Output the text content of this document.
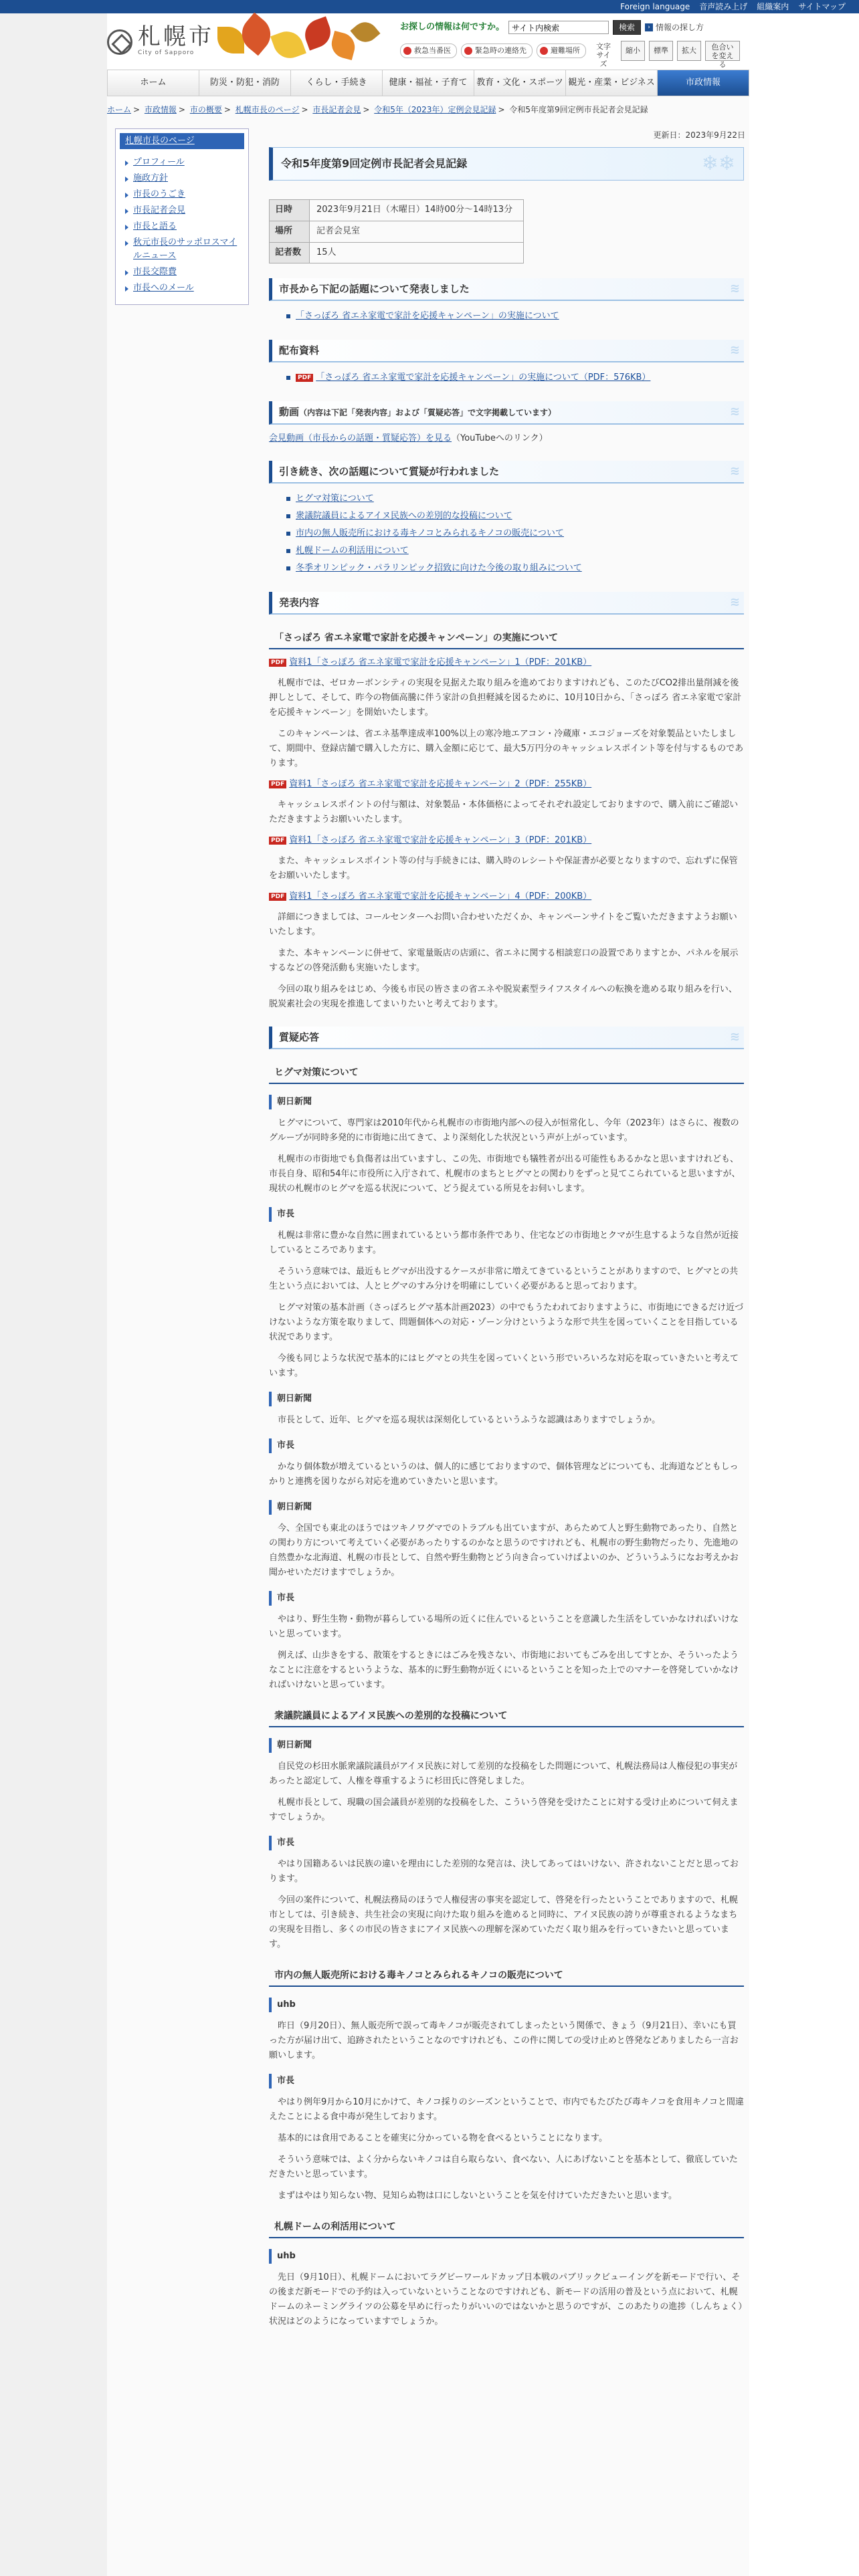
Foreign language 音声読み上げ 組織案内 サイトマップ
札幌市
City of Sapporo
お探しの情報は何ですか。
サイト内検索	検索	› 情報の探し方
救急当番医	緊急時の連絡先	避難場所	文字サイズ
縮小	標準	拡大	色合いを変える
ホーム	防災・防犯・消防	くらし・手続き	健康・福祉・子育て	教育・文化・スポーツ 観光・産業・ビジネス	市政情報
ホーム > 市政情報 > 市の概要 > 札幌市長のページ > 市長記者会見 > 令和5年（2023年）定例会見記録 > 令和5年度第9回定例市長記者会見記録
更新日：2023年9月22日
札幌市長のページ
プロフィール
施政方針
市長のうごき
市長記者会見
市長と語る
秋元市長のサッポロスマイルニュース
市長交際費
市長へのメール
令和5年度第9回定例市長記者会見記録	❄❄
日時	2023年9月21日（木曜日）14時00分～14時13分
場所	記者会見室
記者数	15人
市長から下記の話題について発表しました	≋
「さっぽろ 省エネ家電で家計を応援キャンペーン」の実施について
配布資料	≋
PDF 「さっぽろ 省エネ家電で家計を応援キャンペーン」の実施について（PDF：576KB）
動画（内容は下記「発表内容」および「質疑応答」で文字掲載しています）	≋

会見動画（市長からの話題・質疑応答）を見る（YouTubeへのリンク）

引き続き、次の話題について質疑が行われました	≋
ヒグマ対策について
衆議院議員によるアイヌ民族への差別的な投稿について
市内の無人販売所における毒キノコとみられるキノコの販売について
札幌ドームの利活用について
冬季オリンピック・パラリンピック招致に向けた今後の取り組みについて
発表内容	≋
「さっぽろ 省エネ家電で家計を応援キャンペーン」の実施について
PDF 資料1「さっぽろ 省エネ家電で家計を応援キャンペーン」1（PDF：201KB）

札幌市では、ゼロカーボンシティの実現を見据えた取り組みを進めておりますけれども、このたびCO2排出量削減を後押しとして、そして、昨今の物価高騰に伴う家計の負担軽減を図るために、10月10日から、「さっぽろ 省エネ家電で家計を応援キャンペーン」を開始いたします。

このキャンペーンは、省エネ基準達成率100%以上の寒冷地エアコン・冷蔵庫・エコジョーズを対象製品といたしまして、期間中、登録店舗で購入した方に、購入金額に応じて、最大5万円分のキャッシュレスポイント等を付与するものであります。

PDF 資料1「さっぽろ 省エネ家電で家計を応援キャンペーン」2（PDF：255KB）

キャッシュレスポイントの付与額は、対象製品・本体価格によってそれぞれ設定しておりますので、購入前にご確認いただきますようお願いいたします。

PDF 資料1「さっぽろ 省エネ家電で家計を応援キャンペーン」3（PDF：201KB）

また、キャッシュレスポイント等の付与手続きには、購入時のレシートや保証書が必要となりますので、忘れずに保管をお願いいたします。

PDF 資料1「さっぽろ 省エネ家電で家計を応援キャンペーン」4（PDF：200KB）

詳細につきましては、コールセンターへお問い合わせいただくか、キャンペーンサイトをご覧いただきますようお願いいたします。

また、本キャンペーンに併せて、家電量販店の店頭に、省エネに関する相談窓口の設置でありますとか、パネルを展示するなどの啓発活動も実施いたします。

今回の取り組みをはじめ、今後も市民の皆さまの省エネや脱炭素型ライフスタイルへの転換を進める取り組みを行い、脱炭素社会の実現を推進してまいりたいと考えております。

質疑応答	≋
ヒグマ対策について
朝日新聞

ヒグマについて、専門家は2010年代から札幌市の市街地内部への侵入が恒常化し、今年（2023年）はさらに、複数のグループが同時多発的に市街地に出てきて、より深刻化した状況という声が上がっています。

札幌市の市街地でも負傷者は出ていますし、この先、市街地でも犠牲者が出る可能性もあるかなと思いますけれども、市長自身、昭和54年に市役所に入庁されて、札幌市のまちとヒグマとの関わりをずっと見てこられていると思いますが、現状の札幌市のヒグマを巡る状況について、どう捉えている所見をお伺いします。

市長

札幌は非常に豊かな自然に囲まれているという都市条件であり、住宅などの市街地とクマが生息するような自然が近接しているところであります。

そういう意味では、最近もヒグマが出没するケースが非常に増えてきているということがありますので、ヒグマとの共生という点においては、人とヒグマのすみ分けを明確にしていく必要があると思っております。

ヒグマ対策の基本計画（さっぽろヒグマ基本計画2023）の中でもうたわれておりますように、市街地にできるだけ近づけないような方策を取りまして、問題個体への対応・ゾーン分けというような形で共生を図っていくことを目指している状況であります。

今後も同じような状況で基本的にはヒグマとの共生を図っていくという形でいろいろな対応を取っていきたいと考えています。

朝日新聞

市長として、近年、ヒグマを巡る現状は深刻化しているというふうな認識はありますでしょうか。

市長

かなり個体数が増えているというのは、個人的に感じておりますので、個体管理などについても、北海道などともしっかりと連携を図りながら対応を進めていきたいと思います。

朝日新聞

今、全国でも東北のほうではツキノワグマでのトラブルも出ていますが、あらためて人と野生動物であったり、自然との関わり方について考えていく必要があったりするのかなと思うのですけれども、札幌市の野生動物だったり、先進地の自然豊かな北海道、札幌の市長として、自然や野生動物とどう向き合っていけばよいのか、どういうふうになお考えかお聞かせいただけますでしょうか。

市長

やはり、野生生物・動物が暮らしている場所の近くに住んでいるということを意識した生活をしていかなければいけないと思っています。

例えば、山歩きをする、散策をするときにはごみを残さない、市街地においてもごみを出してすとか、そういったようなことに注意をするというような、基本的に野生動物が近くにいるということを知った上でのマナーを啓発していかなければいけないと思っています。

衆議院議員によるアイヌ民族への差別的な投稿について
朝日新聞

自民党の杉田水脈衆議院議員がアイヌ民族に対して差別的な投稿をした問題について、札幌法務局は人権侵犯の事実があったと認定して、人権を尊重するように杉田氏に啓発しました。

札幌市長として、現職の国会議員が差別的な投稿をした、こういう啓発を受けたことに対する受け止めについて伺えますでしょうか。

市長

やはり国籍あるいは民族の違いを理由にした差別的な発言は、決してあってはいけない、許されないことだと思っております。

今回の案件について、札幌法務局のほうで人権侵害の事実を認定して、啓発を行ったということでありますので、札幌市としては、引き続き、共生社会の実現に向けた取り組みを進めると同時に、アイヌ民族の誇りが尊重されるようなまちの実現を目指し、多くの市民の皆さまにアイヌ民族への理解を深めていただく取り組みを行っていきたいと思っています。

市内の無人販売所における毒キノコとみられるキノコの販売について
uhb

昨日（9月20日）、無人販売所で誤って毒キノコが販売されてしまったという関係で、きょう（9月21日）、幸いにも買った方が届け出て、追跡されたということなのですけれども、この件に関しての受け止めと啓発などありましたら一言お願いします。

市長

やはり例年9月から10月にかけて、キノコ採りのシーズンということで、市内でもたびたび毒キノコを食用キノコと間違えたことによる食中毒が発生しております。

基本的には食用であることを確実に分かっている物を食べるということになります。

そういう意味では、よく分からないキノコは自ら取らない、食べない、人にあげないことを基本として、徹底していただきたいと思っています。

まずはやはり知らない物、見知らぬ物は口にしないということを気を付けていただきたいと思います。

札幌ドームの利活用について
uhb

先日（9月10日）、札幌ドームにおいてラグビーワールドカップ日本戦のパブリックビューイングを新モードで行い、その後まだ新モードでの予約は入っていないということなのですけれども、新モードの活用の普及という点において、札幌ドームのネーミングライツの公募を早めに行ったりがいいのではないかと思うのですが、このあたりの進捗（しんちょく）状況はどのようになっていますでしょうか。
